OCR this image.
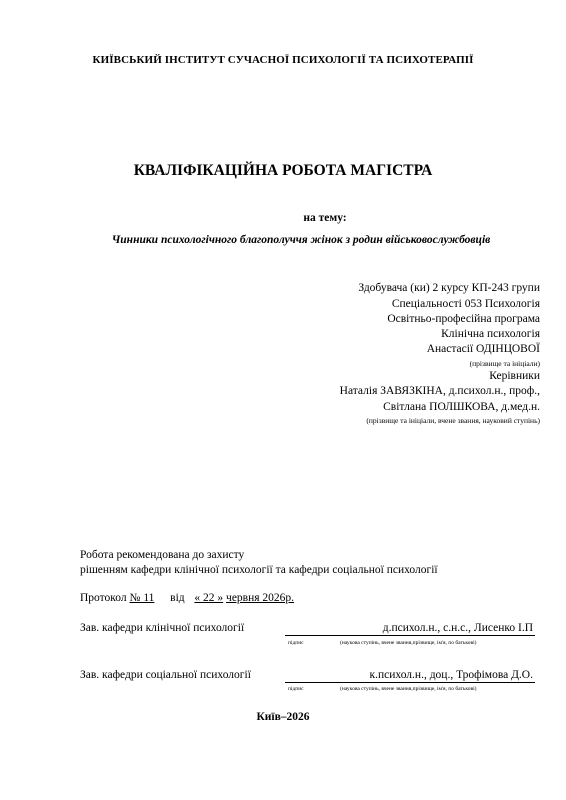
КИЇВСЬКИЙ ІНСТИТУТ СУЧАСНОЇ ПСИХОЛОГІЇ ТА ПСИХОТЕРАПІЇ
КВАЛІФІКАЦІЙНА РОБОТА МАГІСТРА
на тему:
Чинники психологічного благополуччя жінок з родин військовослужбовців
Здобувача (ки) 2 курсу КП-243 групи
Спеціальності 053 Психологія
Освітньо-професійна програма
Клінічна психологія
Анастасії ОДІНЦОВОЇ
(прізвище та ініціали)
Керівники
Наталія ЗАВЯЗКІНА, д.психол.н., проф.,
Світлана ПОЛШКОВА, д.мед.н.
(прізвище та ініціали, вчене звання, науковий ступінь)
Робота рекомендована до захисту
рішенням кафедри клінічної психології та кафедри соціальної психології
Протокол № 11 від « 22 » червня 2026р.
Зав. кафедри клінічної психології	д.психол.н., с.н.с., Лисенко І.П
підпис	(наукова ступінь, вчене звання,прізвище, ім'я, по батькові)
Зав. кафедри соціальної психології	к.психол.н., доц., Трофімова Д.О.
підпис	(наукова ступінь, вчене звання,прізвище, ім'я, по батькові)
Київ–2026
